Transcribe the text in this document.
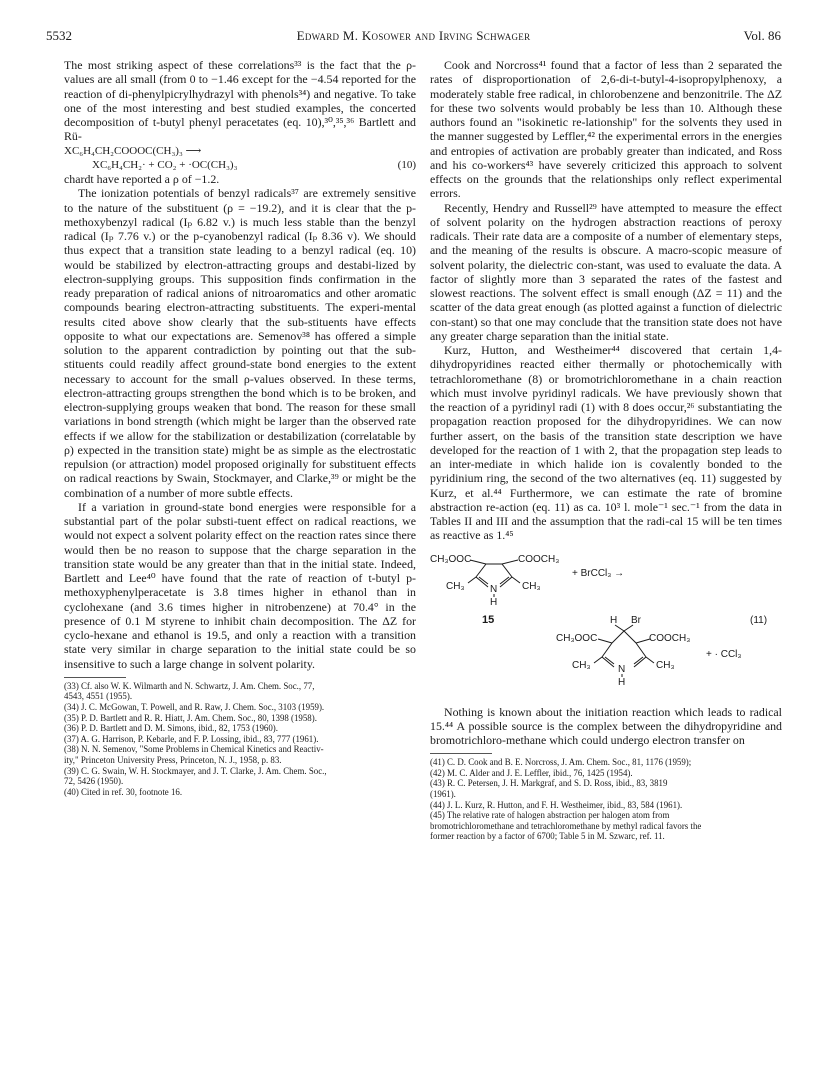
5532	Edward M. Kosower and Irving Schwager	Vol. 86

The most striking aspect of these correlations³³ is the fact that the ρ-values are all small (from 0 to −1.46 except for the −4.54 reported for the reaction of di-phenylpicrylhydrazyl with phenols³⁴) and negative. To take one of the most interesting and best studied examples, the concerted decomposition of t-butyl phenyl peracetates (eq. 10),³⁰,³⁵,³⁶ Bartlett and Rü-

XC₆H₄CH₂COOOC(CH₃)₃ ⟶
XC₆H₄CH₂· + CO₂ + ·OC(CH₃)₃	(10)

chardt have reported a ρ of −1.2.

The ionization potentials of benzyl radicals³⁷ are extremely sensitive to the nature of the substituent (ρ = −19.2), and it is clear that the p-methoxybenzyl radical (Iₚ 6.82 v.) is much less stable than the benzyl radical (Iₚ 7.76 v.) or the p-cyanobenzyl radical (Iₚ 8.36 v). We should thus expect that a transition state leading to a benzyl radical (eq. 10) would be stabilized by electron-attracting groups and destabi-lized by electron-supplying groups. This supposition finds confirmation in the ready preparation of radical anions of nitroaromatics and other aromatic compounds bearing electron-attracting substituents. The experi-mental results cited above show clearly that the sub-stituents have effects opposite to what our expectations are. Semenov³⁸ has offered a simple solution to the apparent contradiction by pointing out that the sub-stituents could readily affect ground-state bond energies to the extent necessary to account for the small ρ-values observed. In these terms, electron-attracting groups strengthen the bond which is to be broken, and electron-supplying groups weaken that bond. The reason for these small variations in bond strength (which might be larger than the observed rate effects if we allow for the stabilization or destabilization (correlatable by ρ) expected in the transition state) might be as simple as the electrostatic repulsion (or attraction) model proposed originally for substituent effects on radical reactions by Swain, Stockmayer, and Clarke,³⁹ or might be the combination of a number of more subtle effects.

If a variation in ground-state bond energies were responsible for a substantial part of the polar substi-tuent effect on radical reactions, we would not expect a solvent polarity effect on the reaction rates since there would then be no reason to suppose that the charge separation in the transition state would be any greater than that in the initial state. Indeed, Bartlett and Lee⁴⁰ have found that the rate of reaction of t-butyl p-methoxyphenylperacetate is 3.8 times higher in ethanol than in cyclohexane (and 3.6 times higher in nitrobenzene) at 70.4° in the presence of 0.1 M styrene to inhibit chain decomposition. The ΔZ for cyclo-hexane and ethanol is 19.5, and only a reaction with a transition state very similar in charge separation to the initial state could be so insensitive to such a large change in solvent polarity.

(33) Cf. also W. K. Wilmarth and N. Schwartz, J. Am. Chem. Soc., 77,

4543, 4551 (1955).

(34) J. C. McGowan, T. Powell, and R. Raw, J. Chem. Soc., 3103 (1959).

(35) P. D. Bartlett and R. R. Hiatt, J. Am. Chem. Soc., 80, 1398 (1958).

(36) P. D. Bartlett and D. M. Simons, ibid., 82, 1753 (1960).

(37) A. G. Harrison, P. Kebarle, and F. P. Lossing, ibid., 83, 777 (1961).

(38) N. N. Semenov, "Some Problems in Chemical Kinetics and Reactiv-

ity," Princeton University Press, Princeton, N. J., 1958, p. 83.

(39) C. G. Swain, W. H. Stockmayer, and J. T. Clarke, J. Am. Chem. Soc.,

72, 5426 (1950).

(40) Cited in ref. 30, footnote 16.

Cook and Norcross⁴¹ found that a factor of less than 2 separated the rates of disproportionation of 2,6-di-t-butyl-4-isopropylphenoxy, a moderately stable free radical, in chlorobenzene and benzonitrile. The ΔZ for these two solvents would probably be less than 10. Although these authors found an "isokinetic re-lationship" for the solvents they used in the manner suggested by Leffler,⁴² the experimental errors in the energies and entropies of activation are probably greater than indicated, and Ross and his co-workers⁴³ have severely criticized this approach to solvent effects on the grounds that the relationships only reflect experimental errors.

Recently, Hendry and Russell²⁹ have attempted to measure the effect of solvent polarity on the hydrogen abstraction reactions of peroxy radicals. Their rate data are a composite of a number of elementary steps, and the meaning of the results is obscure. A macro-scopic measure of solvent polarity, the dielectric con-stant, was used to evaluate the data. A factor of slightly more than 3 separated the rates of the fastest and slowest reactions. The solvent effect is small enough (ΔZ = 11) and the scatter of the data great enough (as plotted against a function of dielectric con-stant) so that one may conclude that the transition state does not have any greater charge separation than the initial state.

Kurz, Hutton, and Westheimer⁴⁴ discovered that certain 1,4-dihydropyridines reacted either thermally or photochemically with tetrachloromethane (8) or bromotrichloromethane in a chain reaction which must involve pyridinyl radicals. We have previously shown that the reaction of a pyridinyl radi (1) with 8 does occur,²⁶ substantiating the propagation reaction proposed for the dihydropyridines. We can now further assert, on the basis of the transition state description we have developed for the reaction of 1 with 2, that the propagation step leads to an inter-mediate in which halide ion is covalently bonded to the pyridinium ring, the second of the two alternatives (eq. 11) suggested by Kurz, et al.⁴⁴ Furthermore, we can estimate the rate of bromine abstraction re-action (eq. 11) as ca. 10³ l. mole⁻¹ sec.⁻¹ from the data in Tables II and III and the assumption that the radi-cal 15 will be ten times as reactive as 1.⁴⁵

CH₃OOC	COOCH₃
CH₃	CH₃
N
H
15
+ BrCCl₃ →
H Br	(11)
CH₃OOC	COOCH₃
CH₃	CH₃
N
H
+ · CCl₃

Nothing is known about the initiation reaction which leads to radical 15.⁴⁴ A possible source is the complex between the dihydropyridine and bromotrichloro-methane which could undergo electron transfer on

(41) C. D. Cook and B. E. Norcross, J. Am. Chem. Soc., 81, 1176 (1959);

(42) M. C. Alder and J. E. Leffler, ibid., 76, 1425 (1954).

(43) R. C. Petersen, J. H. Markgraf, and S. D. Ross, ibid., 83, 3819

(1961).

(44) J. L. Kurz, R. Hutton, and F. H. Westheimer, ibid., 83, 584 (1961).

(45) The relative rate of halogen abstraction per halogen atom from

bromotrichloromethane and tetrachloromethane by methyl radical favors the

former reaction by a factor of 6700; Table 5 in M. Szwarc, ref. 11.
